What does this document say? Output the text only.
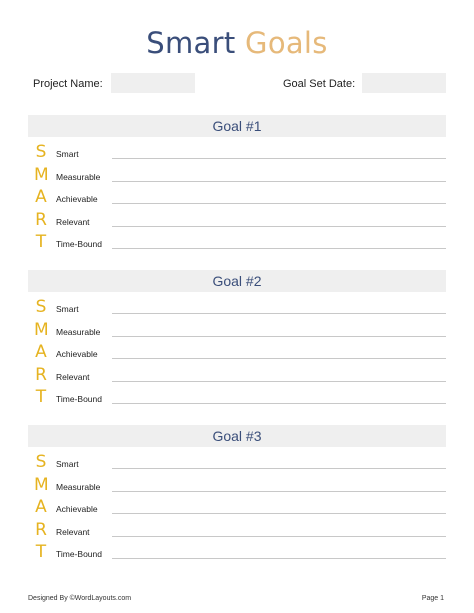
Smart Goals
Project Name:	Goal Set Date:
Goal #1
S
M
A
R
T
Smart
Measurable
Achievable
Relevant
Time-Bound
Goal #2
S
M
A
R
T
Smart
Measurable
Achievable
Relevant
Time-Bound
Goal #3
S
M
A
R
T
Smart
Measurable
Achievable
Relevant
Time-Bound
Designed By ©WordLayouts.com	Page 1
